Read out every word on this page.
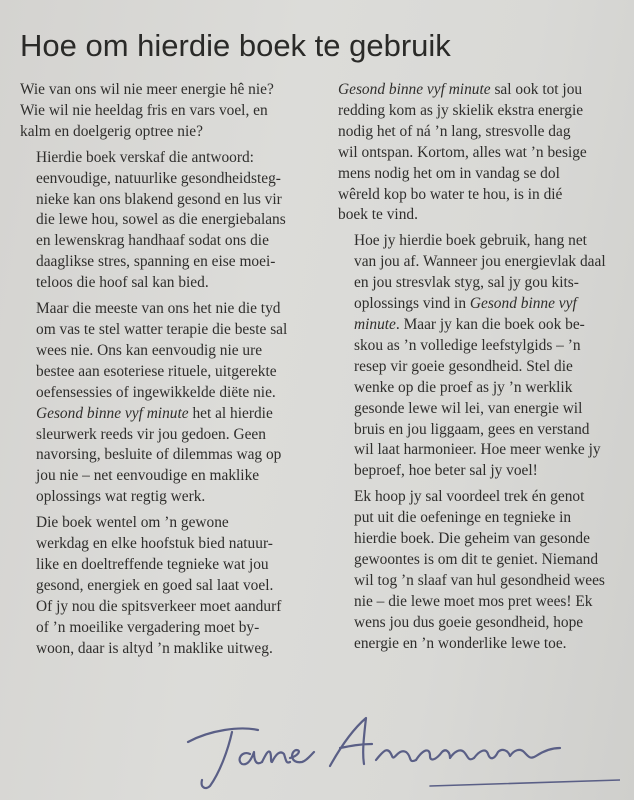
Hoe om hierdie boek te gebruik

Wie van ons wil nie meer energie hê nie?
Wie wil nie heeldag fris en vars voel, en
kalm en doelgerig optree nie?

Hierdie boek verskaf die antwoord:
eenvoudige, natuurlike gesondheidsteg-
nieke kan ons blakend gesond en lus vir
die lewe hou, sowel as die energiebalans
en lewenskrag handhaaf sodat ons die
daaglikse stres, spanning en eise moei-
teloos die hoof sal kan bied.

Maar die meeste van ons het nie die tyd
om vas te stel watter terapie die beste sal
wees nie. Ons kan eenvoudig nie ure
bestee aan esoteriese rituele, uitgerekte
oefensessies of ingewikkelde diëte nie.
Gesond binne vyf minute het al hierdie
sleurwerk reeds vir jou gedoen. Geen
navorsing, besluite of dilemmas wag op
jou nie – net eenvoudige en maklike
oplossings wat regtig werk.

Die boek wentel om ’n gewone
werkdag en elke hoofstuk bied natuur-
like en doeltreffende tegnieke wat jou
gesond, energiek en goed sal laat voel.
Of jy nou die spitsverkeer moet aandurf
of ’n moeilike vergadering moet by-
woon, daar is altyd ’n maklike uitweg.

Gesond binne vyf minute sal ook tot jou
redding kom as jy skielik ekstra energie
nodig het of ná ’n lang, stresvolle dag
wil ontspan. Kortom, alles wat ’n besige
mens nodig het om in vandag se dol
wêreld kop bo water te hou, is in dié
boek te vind.

Hoe jy hierdie boek gebruik, hang net
van jou af. Wanneer jou energievlak daal
en jou stresvlak styg, sal jy gou kits-
oplossings vind in Gesond binne vyf
minute. Maar jy kan die boek ook be-
skou as ’n volledige leefstylgids – ’n
resep vir goeie gesondheid. Stel die
wenke op die proef as jy ’n werklik
gesonde lewe wil lei, van energie wil
bruis en jou liggaam, gees en verstand
wil laat harmonieer. Hoe meer wenke jy
beproef, hoe beter sal jy voel!

Ek hoop jy sal voordeel trek én genot
put uit die oefeninge en tegnieke in
hierdie boek. Die geheim van gesonde
gewoontes is om dit te geniet. Niemand
wil tog ’n slaaf van hul gesondheid wees
nie – die lewe moet mos pret wees! Ek
wens jou dus goeie gesondheid, hope
energie en ’n wonderlike lewe toe.
